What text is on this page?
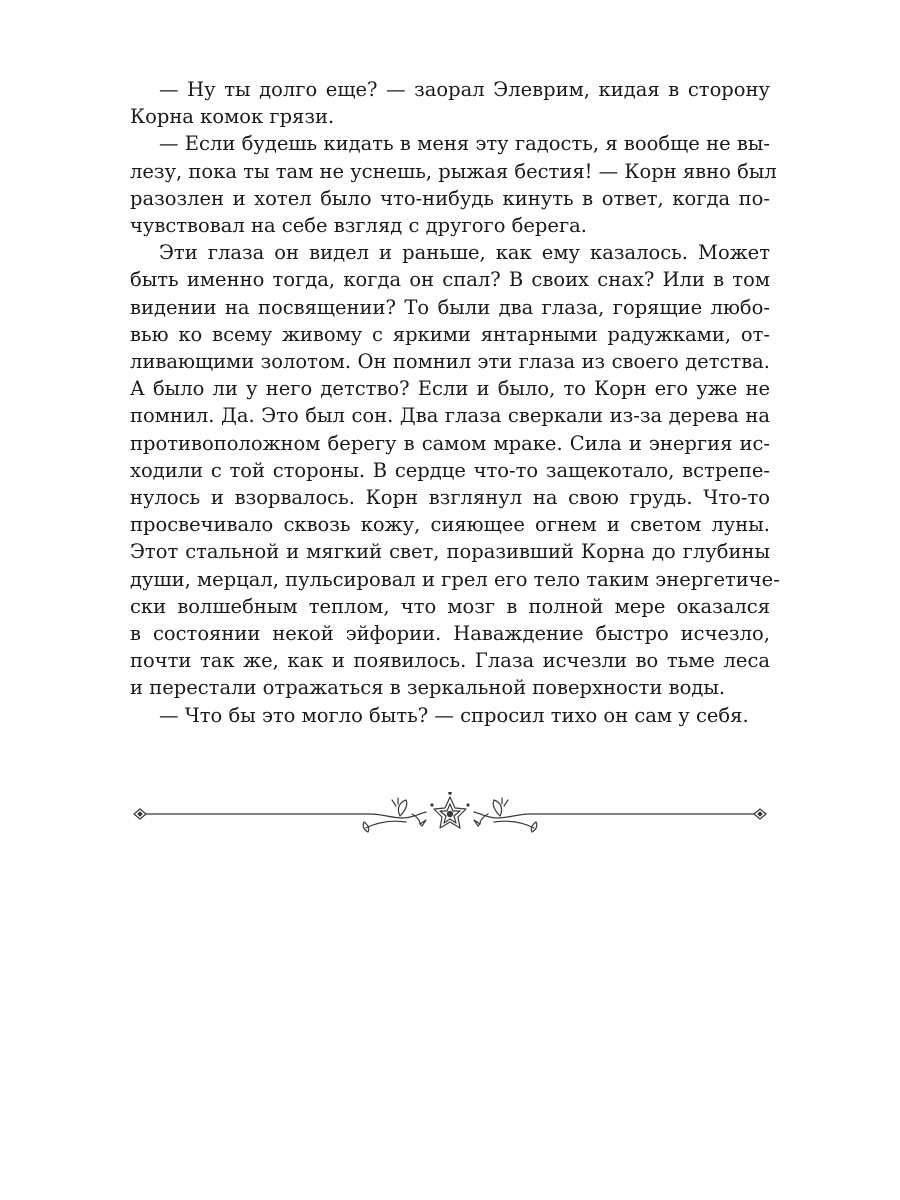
— Ну ты долго еще? — заорал Элеврим, кидая в сторону
Корна комок грязи.

— Если будешь кидать в меня эту гадость, я вообще не вы-
лезу, пока ты там не уснешь, рыжая бестия! — Корн явно был
разозлен и хотел было что-нибудь кинуть в ответ, когда по-
чувствовал на себе взгляд с другого берега.

Эти глаза он видел и раньше, как ему казалось. Может
быть именно тогда, когда он спал? В своих снах? Или в том
видении на посвящении? То были два глаза, горящие любо-
вью ко всему живому с яркими янтарными радужками, от-
ливающими золотом. Он помнил эти глаза из своего детства.
А было ли у него детство? Если и было, то Корн его уже не
помнил. Да. Это был сон. Два глаза сверкали из-за дерева на
противоположном берегу в самом мраке. Сила и энергия ис-
ходили с той стороны. В сердце что-то защекотало, встрепе-
нулось и взорвалось. Корн взглянул на свою грудь. Что-то
просвечивало сквозь кожу, сияющее огнем и светом луны.
Этот стальной и мягкий свет, поразивший Корна до глубины
души, мерцал, пульсировал и грел его тело таким энергетиче-
ски волшебным теплом, что мозг в полной мере оказался
в состоянии некой эйфории. Наваждение быстро исчезло,
почти так же, как и появилось. Глаза исчезли во тьме леса
и перестали отражаться в зеркальной поверхности воды.

— Что бы это могло быть? — спросил тихо он сам у себя.
